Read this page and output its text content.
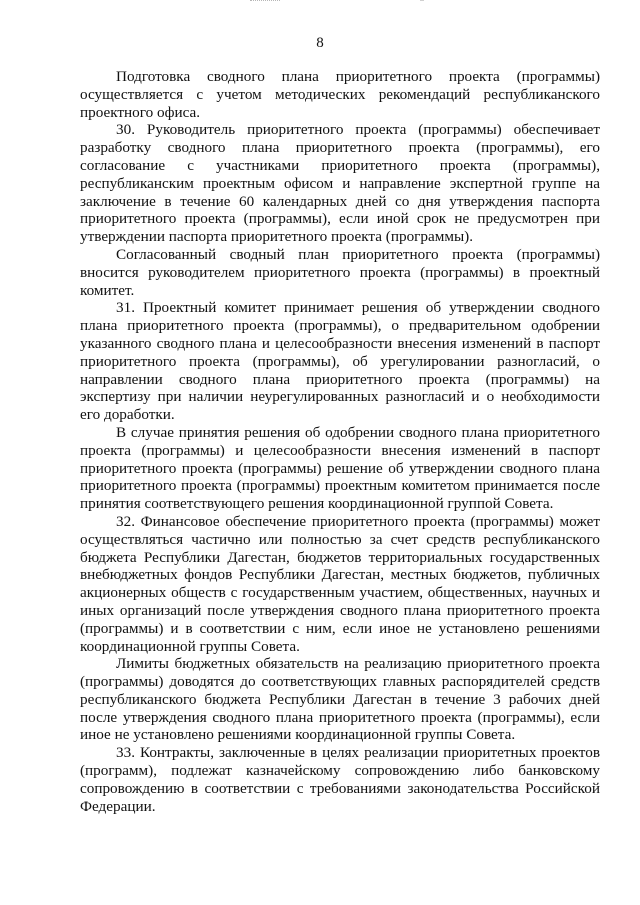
8

Подготовка сводного плана приоритетного проекта (программы) осуществляется с учетом методических рекомендаций республиканского проектного офиса.

30. Руководитель приоритетного проекта (программы) обеспечивает разработку сводного плана приоритетного проекта (программы), его согласование с участниками приоритетного проекта (программы), республиканским проектным офисом и направление экспертной группе на заключение в течение 60 календарных дней со дня утверждения паспорта приоритетного проекта (программы), если иной срок не предусмотрен при утверждении паспорта приоритетного проекта (программы).

Согласованный сводный план приоритетного проекта (программы) вносится руководителем приоритетного проекта (программы) в проектный комитет.

31. Проектный комитет принимает решения об утверждении сводного плана приоритетного проекта (программы), о предварительном одобрении указанного сводного плана и целесообразности внесения изменений в паспорт приоритетного проекта (программы), об урегулировании разногласий, о направлении сводного плана приоритетного проекта (программы) на экспертизу при наличии неурегулированных разногласий и о необходимости его доработки.

В случае принятия решения об одобрении сводного плана приоритетного проекта (программы) и целесообразности внесения изменений в паспорт приоритетного проекта (программы) решение об утверждении сводного плана приоритетного проекта (программы) проектным комитетом принимается после принятия соответствующего решения координационной группой Совета.

32. Финансовое обеспечение приоритетного проекта (программы) может осуществляться частично или полностью за счет средств республиканского бюджета Республики Дагестан, бюджетов территориальных государственных внебюджетных фондов Республики Дагестан, местных бюджетов, публичных акционерных обществ с государственным участием, общественных, научных и иных организаций после утверждения сводного плана приоритетного проекта (программы) и в соответствии с ним, если иное не установлено решениями координационной группы Совета.

Лимиты бюджетных обязательств на реализацию приоритетного проекта (программы) доводятся до соответствующих главных распорядителей средств республиканского бюджета Республики Дагестан в течение 3 рабочих дней после утверждения сводного плана приоритетного проекта (программы), если иное не установлено решениями координационной группы Совета.

33. Контракты, заключенные в целях реализации приоритетных проектов (программ), подлежат казначейскому сопровождению либо банковскому сопровождению в соответствии с требованиями законодательства Российской Федерации.
